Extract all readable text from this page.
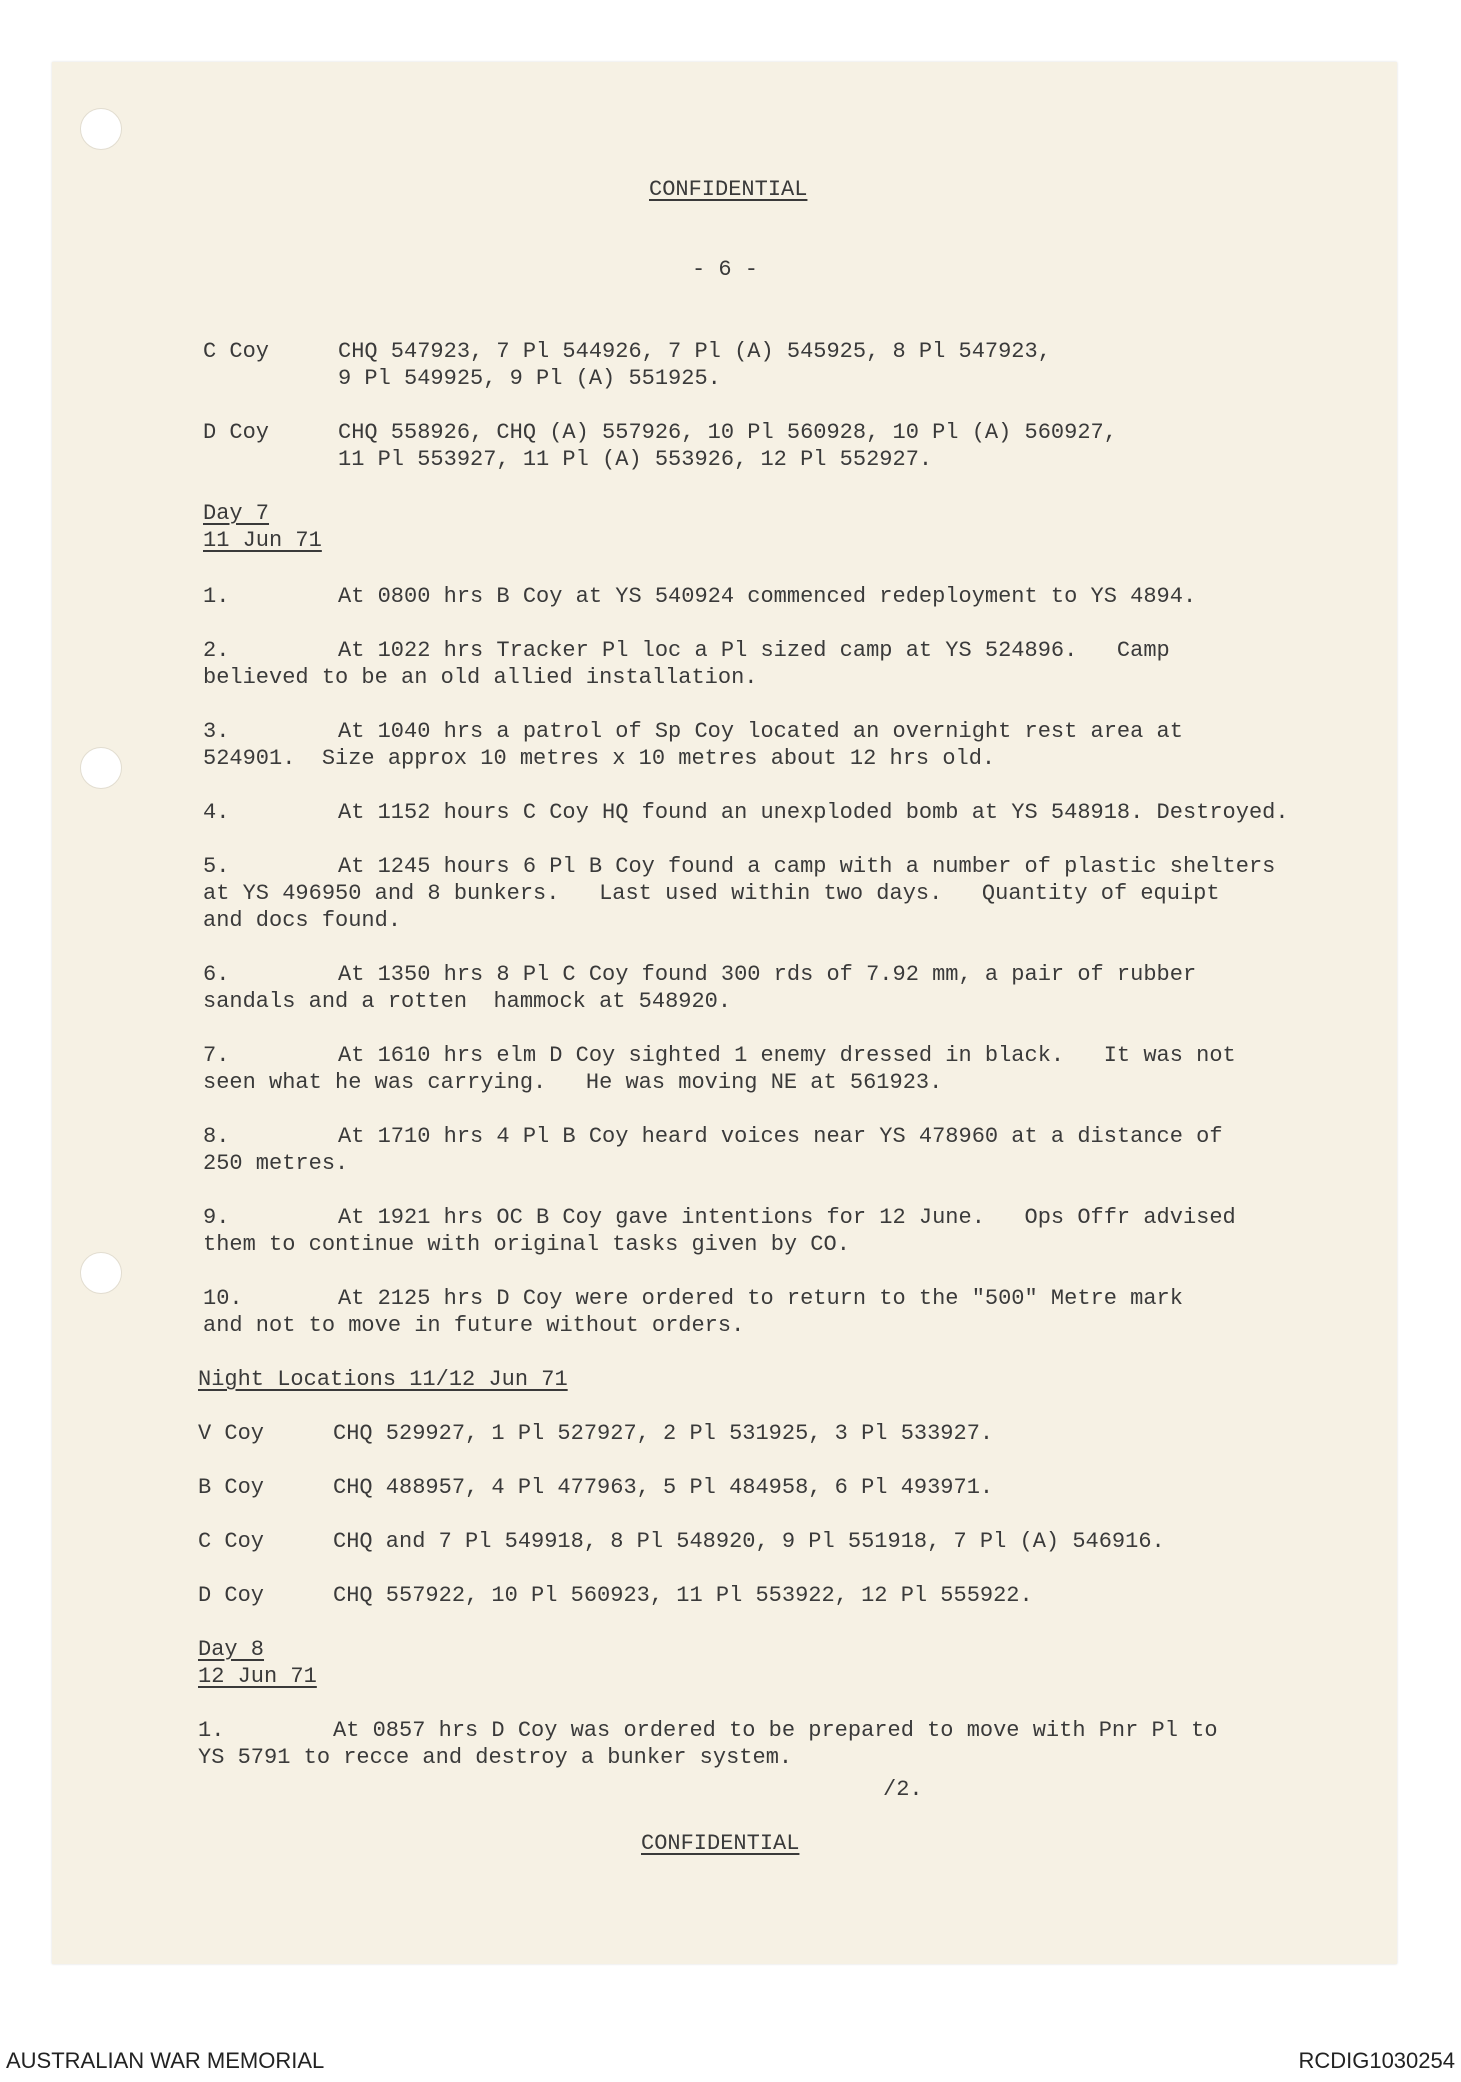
CONFIDENTIAL
- 6 -
C Coy	CHQ 547923, 7 Pl 544926, 7 Pl (A) 545925, 8 Pl 547923,
9 Pl 549925, 9 Pl (A) 551925.
D Coy	CHQ 558926, CHQ (A) 557926, 10 Pl 560928, 10 Pl (A) 560927,
11 Pl 553927, 11 Pl (A) 553926, 12 Pl 552927.
Day 7
11 Jun 71
1.	At 0800 hrs B Coy at YS 540924 commenced redeployment to YS 4894.
2.	At 1022 hrs Tracker Pl loc a Pl sized camp at YS 524896.   Camp
believed to be an old allied installation.
3.	At 1040 hrs a patrol of Sp Coy located an overnight rest area at
524901.  Size approx 10 metres x 10 metres about 12 hrs old.
4.	At 1152 hours C Coy HQ found an unexploded bomb at YS 548918. Destroyed.
5.	At 1245 hours 6 Pl B Coy found a camp with a number of plastic shelters
at YS 496950 and 8 bunkers.   Last used within two days.   Quantity of equipt
and docs found.
6.	At 1350 hrs 8 Pl C Coy found 300 rds of 7.92 mm, a pair of rubber
sandals and a rotten  hammock at 548920.
7.	At 1610 hrs elm D Coy sighted 1 enemy dressed in black.   It was not
seen what he was carrying.   He was moving NE at 561923.
8.	At 1710 hrs 4 Pl B Coy heard voices near YS 478960 at a distance of
250 metres.
9.	At 1921 hrs OC B Coy gave intentions for 12 June.   Ops Offr advised
them to continue with original tasks given by CO.
10.	At 2125 hrs D Coy were ordered to return to the "500" Metre mark
and not to move in future without orders.
Night Locations 11/12 Jun 71
V Coy	CHQ 529927, 1 Pl 527927, 2 Pl 531925, 3 Pl 533927.
B Coy	CHQ 488957, 4 Pl 477963, 5 Pl 484958, 6 Pl 493971.
C Coy	CHQ and 7 Pl 549918, 8 Pl 548920, 9 Pl 551918, 7 Pl (A) 546916.
D Coy	CHQ 557922, 10 Pl 560923, 11 Pl 553922, 12 Pl 555922.
Day 8
12 Jun 71
1.	At 0857 hrs D Coy was ordered to be prepared to move with Pnr Pl to
YS 5791 to recce and destroy a bunker system.
/2.
CONFIDENTIAL
AUSTRALIAN WAR MEMORIAL	RCDIG1030254
